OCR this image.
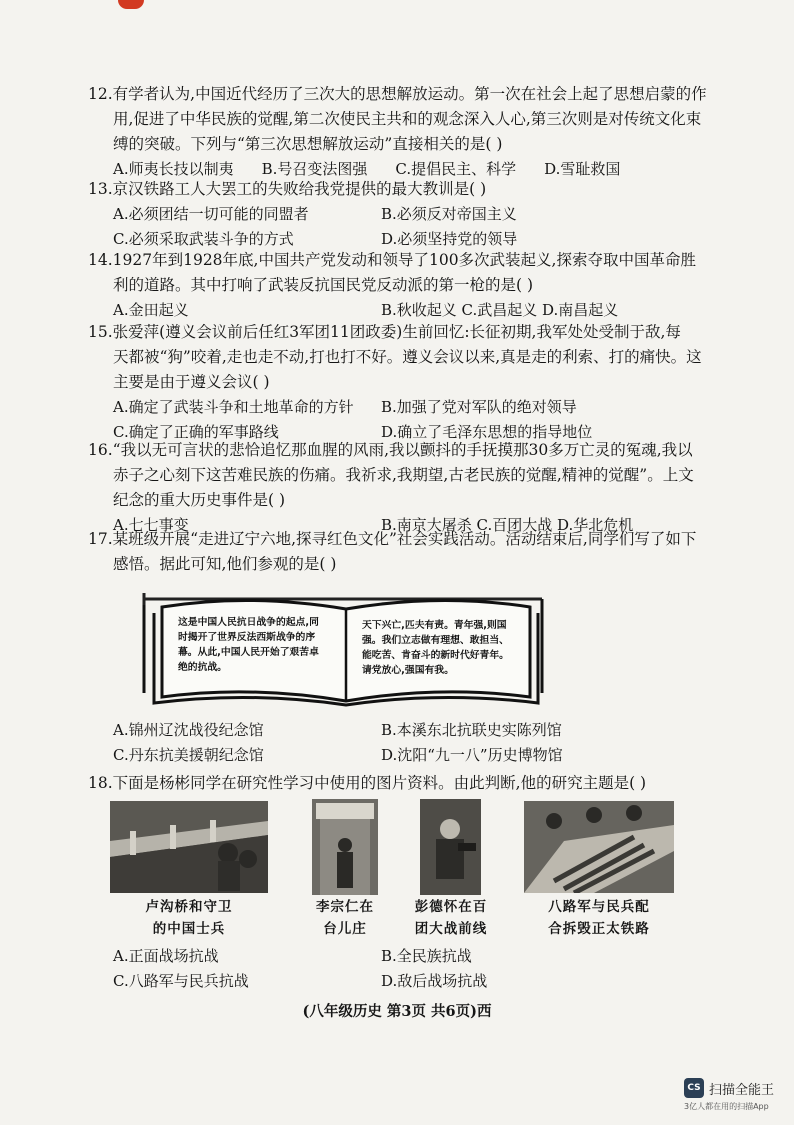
12.有学者认为,中国近代经历了三次大的思想解放运动。第一次在社会上起了思想启蒙的作
用,促进了中华民族的觉醒,第二次使民主共和的观念深入人心,第三次则是对传统文化束
缚的突破。下列与“第三次思想解放运动”直接相关的是( )
A.师夷长技以制夷 B.号召变法图强 C.提倡民主、科学 D.雪耻救国
13.京汉铁路工人大罢工的失败给我党提供的最大教训是( )
A.必须团结一切可能的同盟者	B.必须反对帝国主义
C.必须采取武装斗争的方式	D.必须坚持党的领导
14.1927年到1928年底,中国共产党发动和领导了100多次武装起义,探索夺取中国革命胜
利的道路。其中打响了武装反抗国民党反动派的第一枪的是( )
A.金田起义	B.秋收起义 C.武昌起义 D.南昌起义
15.张爱萍(遵义会议前后任红3军团11团政委)生前回忆:长征初期,我军处处受制于敌,每
天都被“狗”咬着,走也走不动,打也打不好。遵义会议以来,真是走的利索、打的痛快。这
主要是由于遵义会议( )
A.确定了武装斗争和土地革命的方针	B.加强了党对军队的绝对领导
C.确定了正确的军事路线	D.确立了毛泽东思想的指导地位
16.“我以无可言状的悲恰追忆那血腥的风雨,我以颤抖的手抚摸那30多万亡灵的冤魂,我以
赤子之心刻下这苦难民族的伤痛。我祈求,我期望,古老民族的觉醒,精神的觉醒”。上文
纪念的重大历史事件是( )
A.七七事变	B.南京大屠杀 C.百团大战 D.华北危机
17.某班级开展“走进辽宁六地,探寻红色文化”社会实践活动。活动结束后,同学们写了如下
感悟。据此可知,他们参观的是( )
这是中国人民抗日战争的起点,同时揭开了世界反法西斯战争的序幕。从此,中国人民开始了艰苦卓绝的抗战。
天下兴亡,匹夫有责。青年强,则国强。我们立志做有理想、敢担当、能吃苦、肯奋斗的新时代好青年。请党放心,强国有我。
A.锦州辽沈战役纪念馆	B.本溪东北抗联史实陈列馆
C.丹东抗美援朝纪念馆	D.沈阳“九一八”历史博物馆
18.下面是杨彬同学在研究性学习中使用的图片资料。由此判断,他的研究主题是( )
卢沟桥和守卫
的中国士兵
李宗仁在
台儿庄
彭德怀在百
团大战前线
八路军与民兵配
合拆毁正太铁路
A.正面战场抗战	B.全民族抗战
C.八路军与民兵抗战	D.敌后战场抗战
(八年级历史 第3页 共6页)西
CS 扫描全能王
3亿人都在用的扫描App
